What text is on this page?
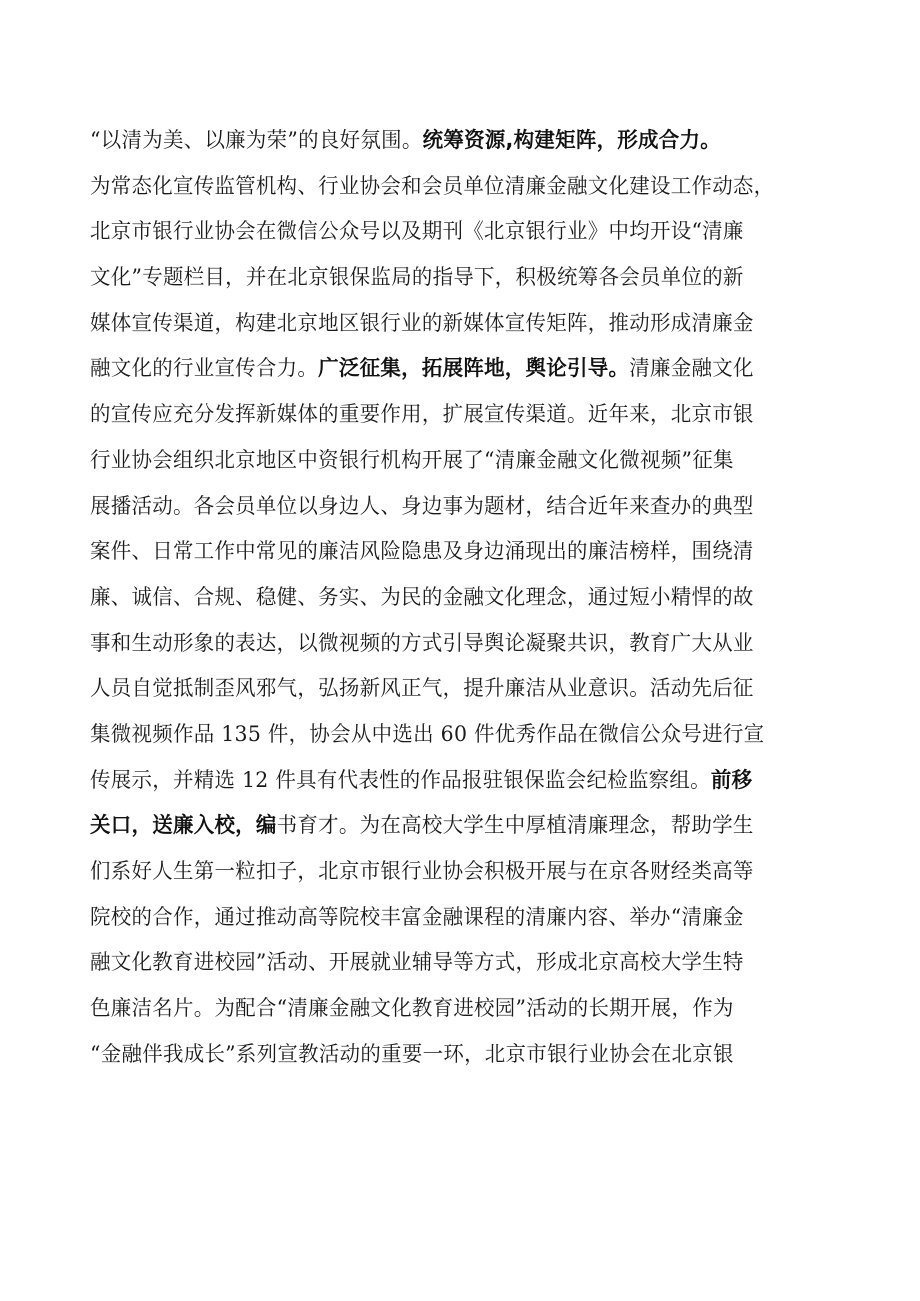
“以清为美、以廉为荣”的良好氛围。统筹资源,构建矩阵，形成合力。
为常态化宣传监管机构、行业协会和会员单位清廉金融文化建设工作动态，
北京市银行业协会在微信公众号以及期刊《北京银行业》中均开设“清廉
文化”专题栏目，并在北京银保监局的指导下，积极统筹各会员单位的新
媒体宣传渠道，构建北京地区银行业的新媒体宣传矩阵，推动形成清廉金
融文化的行业宣传合力。广泛征集，拓展阵地，舆论引导。清廉金融文化
的宣传应充分发挥新媒体的重要作用，扩展宣传渠道。近年来，北京市银
行业协会组织北京地区中资银行机构开展了“清廉金融文化微视频”征集
展播活动。各会员单位以身边人、身边事为题材，结合近年来查办的典型
案件、日常工作中常见的廉洁风险隐患及身边涌现出的廉洁榜样，围绕清
廉、诚信、合规、稳健、务实、为民的金融文化理念，通过短小精悍的故
事和生动形象的表达，以微视频的方式引导舆论凝聚共识，教育广大从业
人员自觉抵制歪风邪气，弘扬新风正气，提升廉洁从业意识。活动先后征
集微视频作品 135 件，协会从中选出 60 件优秀作品在微信公众号进行宣
传展示，并精选 12 件具有代表性的作品报驻银保监会纪检监察组。前移
关口，送廉入校，编书育才。为在高校大学生中厚植清廉理念，帮助学生
们系好人生第一粒扣子，北京市银行业协会积极开展与在京各财经类高等
院校的合作，通过推动高等院校丰富金融课程的清廉内容、举办“清廉金
融文化教育进校园”活动、开展就业辅导等方式，形成北京高校大学生特
色廉洁名片。为配合“清廉金融文化教育进校园”活动的长期开展，作为
“金融伴我成长”系列宣教活动的重要一环，北京市银行业协会在北京银
